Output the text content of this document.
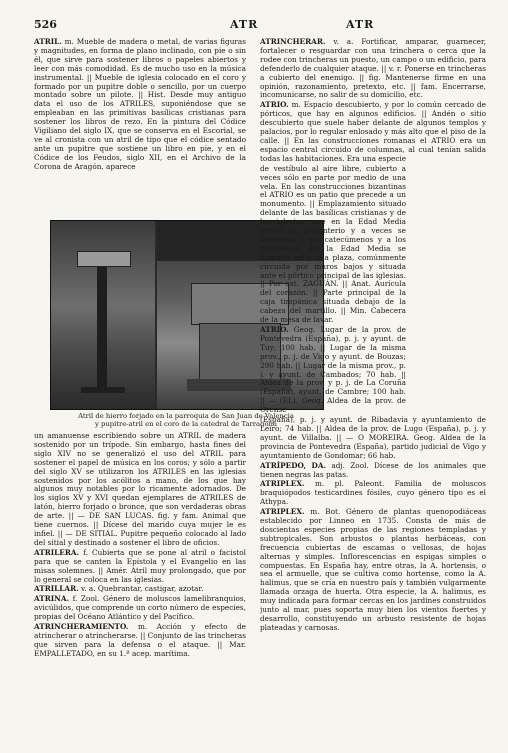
526	ATR	ATR

ATRIL. m. Mueble de madera o metal, de varias figuras y magnitudes, en forma de plano inclinado, con pie o sin él, que sirve para sostener libros o papeles abiertos y leer con más comodidad. Es de mucho uso en la música instrumental. || Mueble de iglesia colocado en el coro y formado por un pupitre doble o sencillo, por un cuerpo montado sobre un pilote. || Hist. Desde muy antiguo data el uso de los ATRILES, suponiéndose que se empleaban en las primitivas basílicas cristianas para sostener los libros de rezo. En la pintura del Códice Vigiliano del siglo IX, que se conserva en el Escorial, se ve al cronista con un atril de tipo que el códice sentado ante un pupitre que sostiene un libro en pie, y en el Códice de los Feudos, siglo XII, en el Archivo de la Corona de Aragón, aparece

Atril de hierro forjado en la parroquia de San Juan de Valencia
y pupitre-atril en el coro de la catedral de Tarragona

un amanuense escribiendo sobre un ATRIL de madera sostenido por un trípode. Sin embargo, hasta fines del siglo XIV no se generalizó el uso del ATRIL para sostener el papel de música en los coros; y sólo a partir del siglo XV se utilizaron los ATRILES en las iglesias sostenidos por los acólitos a mano, de los que hay algunos muy notables por lo ricamente adornados. De los siglos XV y XVI quedan ejemplares de ATRILES de latón, hierro forjado o bronce, que son verdaderas obras de arte. || — DE SAN LUCAS. fig. y fam. Animal que tiene cuernos. || Dícese del marido cuya mujer le es infiel. || — DE SITIAL. Pupitre pequeño colocado al lado del sitial y destinado a sostener el libro de oficios.

ATRILERA. f. Cubierta que se pone al atril o facistol para que se canten la Epístola y el Evangelio en las misas solemnes. || Amér. Atril muy prolongado, que por lo general se coloca en las iglesias.

ATRILLAR. v. a. Quebrantar, castigar, azotar.

ATRINA. f. Zool. Género de moluscos lamelibranquios, avicúlidos, que comprende un corto número de especies, propias del Océano Atlántico y del Pacífico.

ATRINCHERAMIENTO. m. Acción y efecto de atrincherar o atrincherarse. || Conjunto de las trincheras que sirven para la defensa o el ataque. || Mar. EMPALLETADO, en su 1.ª acep. marítima.

ATRINCHERAR. v. a. Fortificar, amparar, guarnecer, fortalecer o resguardar con una trinchera o cerca que la rodee con trincheras un puesto, un campo o un edificio, para defenderlo de cualquier ataque. || v. r. Ponerse en trincheras a cubierto del enemigo. || fig. Mantenerse firme en una opinión, razonamiento, pretexto, etc. || fam. Encerrarse, incomunicarse, no salir de su domicilio, etc.

ATRIO. m. Espacio descubierto, y por lo común cercado de pórticos, que hay en algunos edificios. || Andén o sitio descubierto que suele haber delante de algunos templos y palacios, por lo regular enlosado y más alto que el piso de la calle. || En las construcciones romanas el ATRIO era un espacio central circuido de columnas, al cual tenían salida todas las habitaciones. Era una especie

de vestíbulo al aire libre, cubierto a veces sólo en parte por medio de una vela. En las construcciones bizantinas el ATRIO es un patio que precede a un monumento. || Emplazamiento situado delante de las basílicas cristianas y de las iglesias, que en la Edad Media servía de cementerio y a veces se destinaba a los catecúmenos y a los penitentes. En la Edad Media se llamaba así a una plaza, comúnmente circuida por muros bajos y situada ante el pórtico principal de las iglesias. || Por ext. ZAGUÁN. || Anat. Aurícula del corazón. || Parte principal de la caja timpánica situada debajo de la cabeza del martillo. || Min. Cabecera de la mesa de lavar.

ATRIO. Geog. Lugar de la prov. de Pontevedra (España), p. j. y ayunt. de Tuy; 100 hab. || Lugar de la misma prov., p. j. de Vigo y ayunt. de Bouzas; 290 hab. || Lugar de la misma prov., p. j. y ayunt. de Cambados; 70 hab. || Aldea de la prov. y p. j. de La Coruña (España), ayunt. de Cambre; 100 hab. || — (EL). Geog. Aldea de la prov. de Orense

(España), p. j. y ayunt. de Ribadavia y ayuntamiento de Leiro; 74 hab. || Aldea de la prov. de Lugo (España), p. j. y ayunt. de Villalba. || — O MOREIRA. Geog. Aldea de la provincia de Pontevedra (España), partido judicial de Vigo y ayuntamiento de Gondomar; 66 hab.

ATRÍPEDO, DA. adj. Zool. Dícese de los animales que tienen negras las patas.

ATRIPLEX. m. pl. Paleont. Familia de moluscos braquiópodos testicardines fósiles, cuyo género tipo es el Athypa.

ATRIPLEX. m. Bot. Género de plantas quenopodiáceas establecido por Linneo en 1735. Consta de más de doscientas especies propias de las regiones templadas y subtropicales. Son arbustos o plantas herbáceas, con frecuencia cubiertas de escamas o vellosas, de hojas alternas y simples. Inflorescencias en espigas simples o compuestas. En España hay, entre otras, la A. hortensis, o sea el armuelle, que se cultiva como hortense, como la A. halimus, que se cría en nuestro país y también vulgarmente llamada orzaga de huerta. Otra especie, la A. halimus, es muy indicada para formar cercas en los jardines construidos junto al mar, pues soporta muy bien los vientos fuertes y desarrollo, constituyendo un arbusto resistente de hojas plateadas y carnosas.
